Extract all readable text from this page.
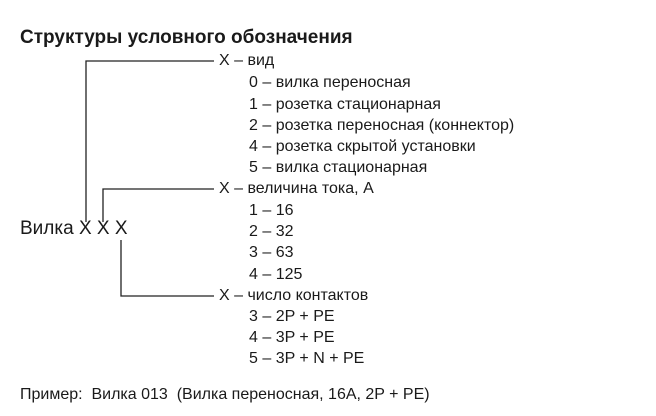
Структуры условного обозначения
Вилка X X X
X – вид
0 – вилка переносная
1 – розетка стационарная
2 – розетка переносная (коннектор)
4 – розетка скрытой установки
5 – вилка стационарная
X – величина тока, А
1 – 16
2 – 32
3 – 63
4 – 125
X – число контактов
3 – 2P + PE
4 – 3P + PE
5 – 3P + N + PE
Пример:  Вилка 013  (Вилка переносная, 16А, 2P + PE)
